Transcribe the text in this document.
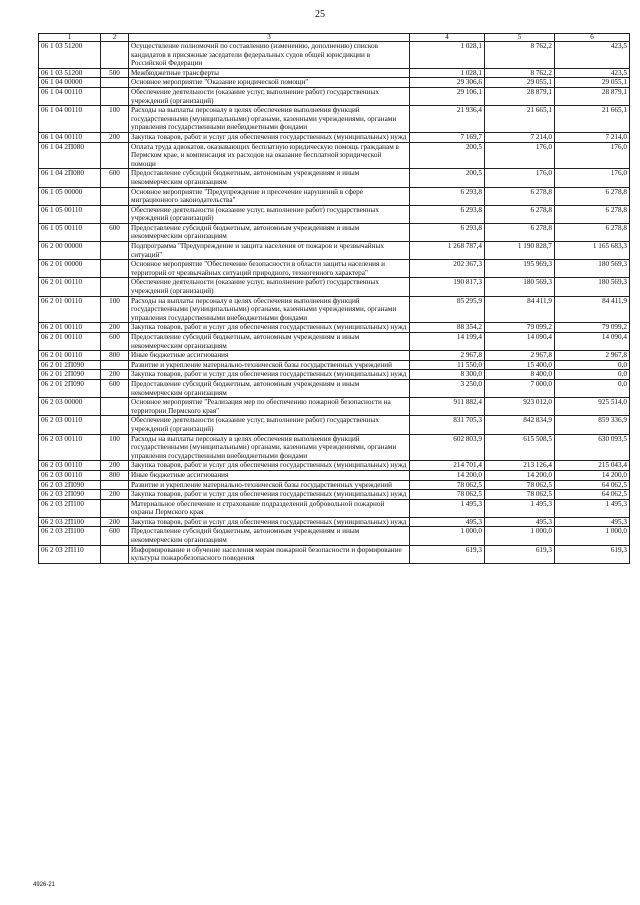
25
1	2	3	4	5	6
06 1 03 51200		Осуществление полномочий по составлению (изменению, дополнению) списков кандидатов в присяжные заседатели федеральных судов общей юрисдикции в Российской Федерации	1 028,1	8 762,2	423,5
06 1 03 51200	500	Межбюджетные трансферты	1 028,1	8 762,2	423,5
06 1 04 00000		Основное мероприятие "Оказание юридической помощи"	29 306,6	29 055,1	29 055,1
06 1 04 00110		Обеспечение деятельности (оказание услуг, выполнение работ) государственных учреждений (организаций)	29 106,1	28 879,1	28 879,1
06 1 04 00110	100	Расходы на выплаты персоналу в целях обеспечения выполнения функций государственными (муниципальными) органами, казенными учреждениями, органами управления государственными внебюджетными фондами	21 936,4	21 665,1	21 665,1
06 1 04 00110	200	Закупка товаров, работ и услуг для обеспечения государственных (муниципальных) нужд	7 169,7	7 214,0	7 214,0
06 1 04 2П080		Оплата труда адвокатов, оказывающих бесплатную юридическую помощь гражданам в Пермском крае, и компенсация их расходов на оказание бесплатной юридической помощи	200,5	176,0	176,0
06 1 04 2П080	600	Предоставление субсидий бюджетным, автономным учреждениям и иным некоммерческим организациям	200,5	176,0	176,0
06 1 05 00000		Основное мероприятие "Предупреждение и пресечение нарушений в сфере миграционного законодательства"	6 293,8	6 278,8	6 278,8
06 1 05 00110		Обеспечение деятельности (оказание услуг, выполнение работ) государственных учреждений (организаций)	6 293,8	6 278,8	6 278,8
06 1 05 00110	600	Предоставление субсидий бюджетным, автономным учреждениям и иным некоммерческим организациям	6 293,8	6 278,8	6 278,8
06 2 00 00000		Подпрограмма "Предупреждение и защита населения от пожаров и чрезвычайных ситуаций"	1 268 787,4	1 190 828,7	1 165 683,3
06 2 01 00000		Основное мероприятие "Обеспечение безопасности в области защиты населения и территорий от чрезвычайных ситуаций природного, техногенного характера"	202 367,3	195 969,3	180 569,3
06 2 01 00110		Обеспечение деятельности (оказание услуг, выполнение работ) государственных учреждений (организаций)	190 817,3	180 569,3	180 569,3
06 2 01 00110	100	Расходы на выплаты персоналу в целях обеспечения выполнения функций государственными (муниципальными) органами, казенными учреждениями, органами управления государственными внебюджетными фондами	85 295,9	84 411,9	84 411,9
06 2 01 00110	200	Закупка товаров, работ и услуг для обеспечения государственных (муниципальных) нужд	88 354,2	79 099,2	79 099,2
06 2 01 00110	600	Предоставление субсидий бюджетным, автономным учреждениям и иным некоммерческим организациям	14 199,4	14 090,4	14 090,4
06 2 01 00110	800	Иные бюджетные ассигнования	2 967,8	2 967,8	2 967,8
06 2 01 2П090		Развитие и укрепление материально-технической базы государственных учреждений	11 550,0	15 400,0	0,0
06 2 01 2П090	200	Закупка товаров, работ и услуг для обеспечения государственных (муниципальных) нужд	8 300,0	8 400,0	0,0
06 2 01 2П090	600	Предоставление субсидий бюджетным, автономным учреждениям и иным некоммерческим организациям	3 250,0	7 000,0	0,0
06 2 03 00000		Основное мероприятие "Реализация мер по обеспечению пожарной безопасности на территории Пермского края"	911 882,4	923 012,0	925 514,0
06 2 03 00110		Обеспечение деятельности (оказание услуг, выполнение работ) государственных учреждений (организаций)	831 705,3	842 834,9	859 336,9
06 2 03 00110	100	Расходы на выплаты персоналу в целях обеспечения выполнения функций государственными (муниципальными) органами, казенными учреждениями, органами управления государственными внебюджетными фондами	602 803,9	615 508,5	630 093,5
06 2 03 00110	200	Закупка товаров, работ и услуг для обеспечения государственных (муниципальных) нужд	214 701,4	213 126,4	215 043,4
06 2 03 00110	800	Иные бюджетные ассигнования	14 200,0	14 200,0	14 200,0
06 2 03 2П090		Развитие и укрепление материально-технической базы государственных учреждений	78 062,5	78 062,5	64 062,5
06 2 03 2П090	200	Закупка товаров, работ и услуг для обеспечения государственных (муниципальных) нужд	78 062,5	78 062,5	64 062,5
06 2 03 2П100		Материальное обеспечение и страхование подразделений добровольной пожарной охраны Пермского края	1 495,3	1 495,3	1 495,3
06 2 03 2П100	200	Закупка товаров, работ и услуг для обеспечения государственных (муниципальных) нужд	495,3	495,3	495,3
06 2 03 2П100	600	Предоставление субсидий бюджетным, автономным учреждениям и иным некоммерческим организациям	1 000,0	1 000,0	1 000,0
06 2 03 2П110		Информирование и обучение населения мерам пожарной безопасности и формирование культуры пожаробезопасного поведения	619,3	619,3	619,3
4926-21
